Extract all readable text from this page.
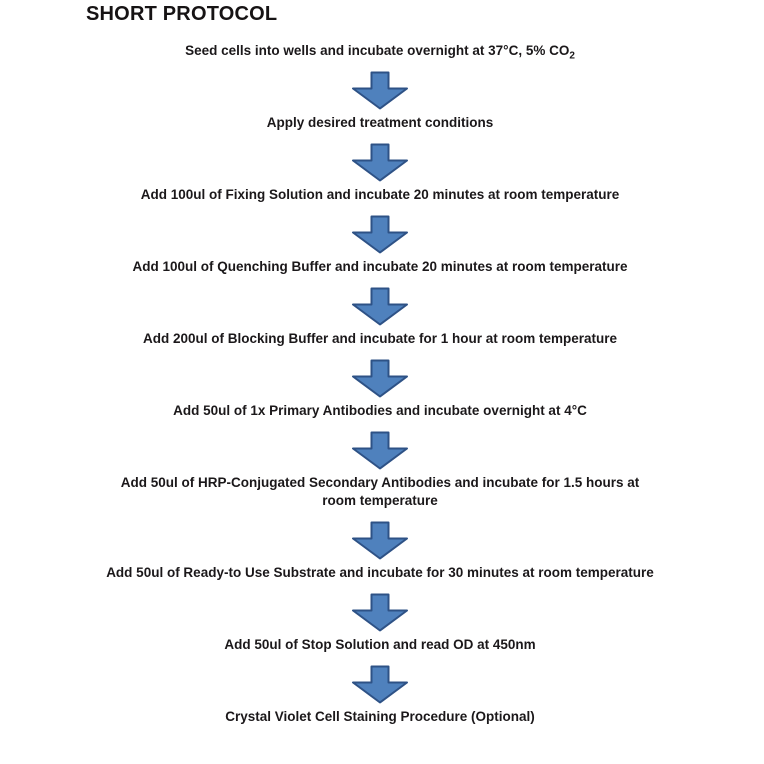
SHORT PROTOCOL
Seed cells into wells and incubate overnight at 37°C, 5% $CO_2$
Apply desired treatment conditions
Add 100ul of Fixing Solution and incubate 20 minutes at room temperature
Add 100ul of Quenching Buffer and incubate 20 minutes at room temperature
Add 200ul of Blocking Buffer and incubate for 1 hour at room temperature
Add 50ul of 1x Primary Antibodies and incubate overnight at 4°C
Add 50ul of HRP-Conjugated Secondary Antibodies and incubate for 1.5 hours at room temperature
Add 50ul of Ready-to Use Substrate and incubate for 30 minutes at room temperature
Add 50ul of Stop Solution and read OD at 450nm
Crystal Violet Cell Staining Procedure (Optional)
